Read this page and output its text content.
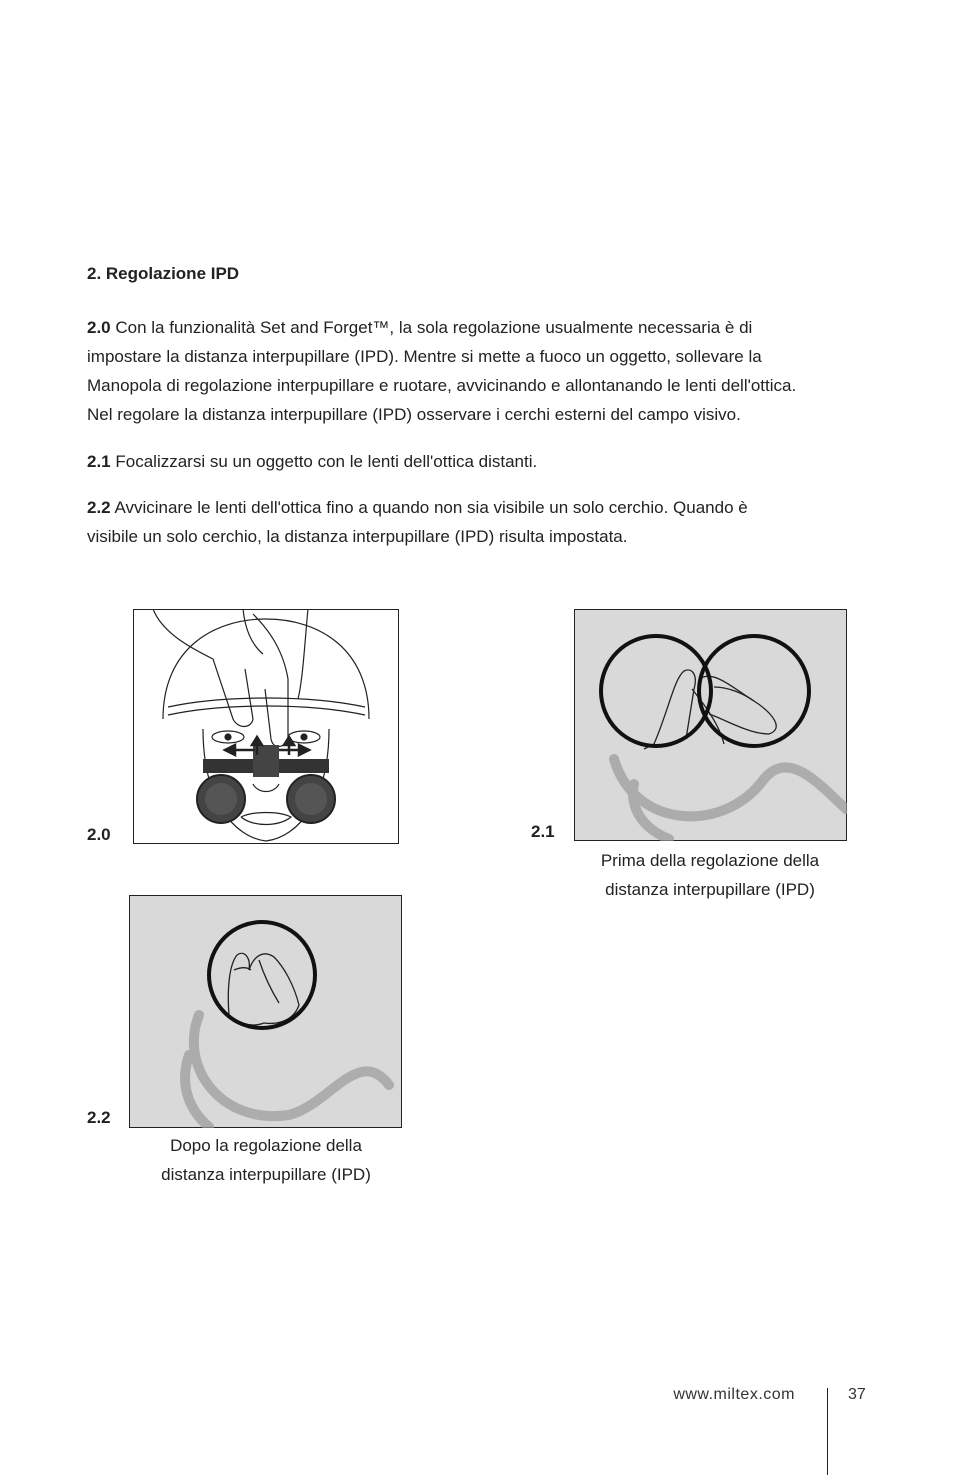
2. Regolazione IPD
2.0 Con la funzionalità Set and Forget™, la sola regolazione usualmente necessaria è di
impostare la distanza interpupillare (IPD). Mentre si mette a fuoco un oggetto, sollevare la
Manopola di regolazione interpupillare e ruotare, avvicinando e allontanando le lenti dell'ottica.
Nel regolare la distanza interpupillare (IPD) osservare i cerchi esterni del campo visivo.
2.1 Focalizzarsi su un oggetto con le lenti dell'ottica distanti.
2.2 Avvicinare le lenti dell'ottica fino a quando non sia visibile un solo cerchio. Quando è
visibile un solo cerchio, la distanza interpupillare (IPD) risulta impostata.
2.0	2.1
Prima della regolazione della
distanza interpupillare (IPD)
2.2
Dopo la regolazione della
distanza interpupillare (IPD)
www.miltex.com	37
